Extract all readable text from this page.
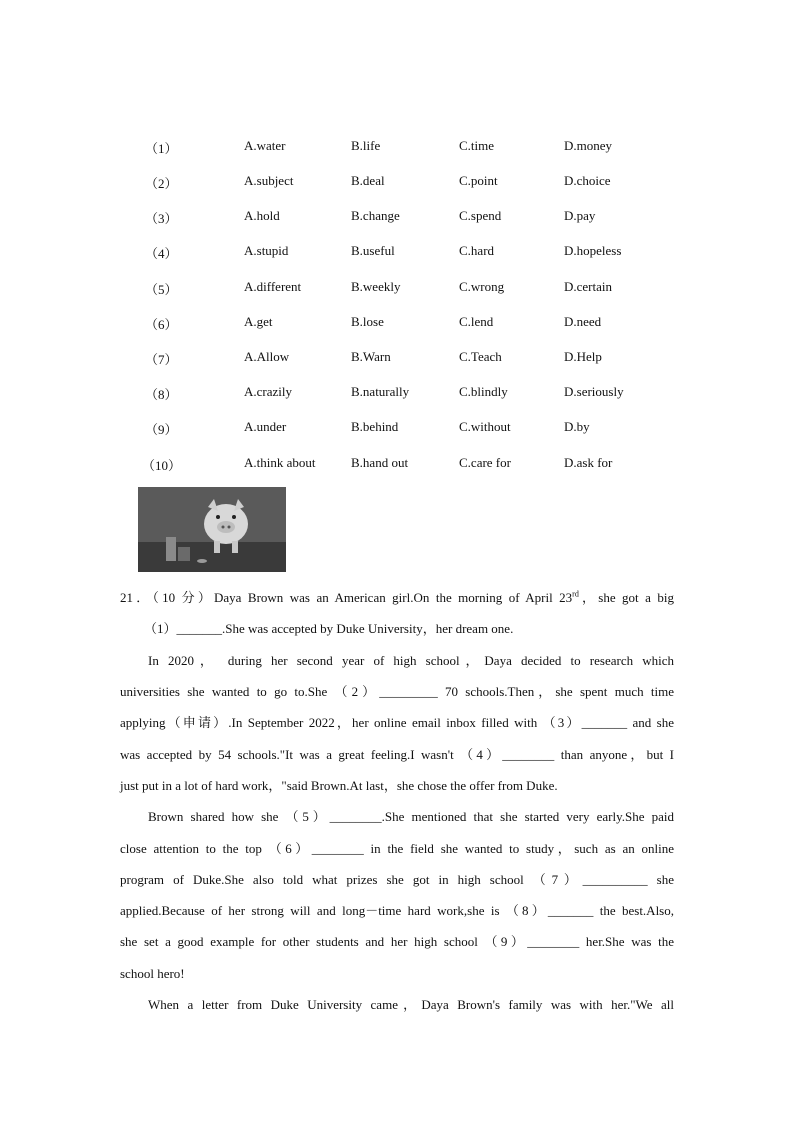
（1）	A.water	B.life	C.time	D.money
（2）	A.subject	B.deal	C.point	D.choice
（3）	A.hold	B.change	C.spend	D.pay
（4）	A.stupid	B.useful	C.hard	D.hopeless
（5）	A.different	B.weekly	C.wrong	D.certain
（6）	A.get	B.lose	C.lend	D.need
（7）	A.Allow	B.Warn	C.Teach	D.Help
（8）	A.crazily	B.naturally	C.blindly	D.seriously
（9）	A.under	B.behind	C.without	D.by
（10）	A.think about	B.hand out	C.care for	D.ask for
21．（10 分）Daya Brown was an American girl.On the morning of April 23rd，she got a big
（1）_______.She was accepted by Duke University，her dream one.
In 2020， during her second year of high school，Daya decided to research which
universities she wanted to go to.She （2）_________ 70 schools.Then，she spent much time
applying（申请）.In September 2022，her online email inbox filled with （3）_______ and she
was accepted by 54 schools."It was a great feeling.I wasn't （4）________ than anyone，but I
just put in a lot of hard work，"said Brown.At last，she chose the offer from Duke.
Brown shared how she （5）________.She mentioned that she started very early.She paid
close attention to the top （6）________ in the field she wanted to study，such as an online
program of Duke.She also told what prizes she got in high school （7）__________ she
applied.Because of her strong will and long－time hard work,she is （8）_______ the best.Also,
she set a good example for other students and her high school （9）________ her.She was the
school hero!
When a letter from Duke University came，Daya Brown's family was with her."We all
